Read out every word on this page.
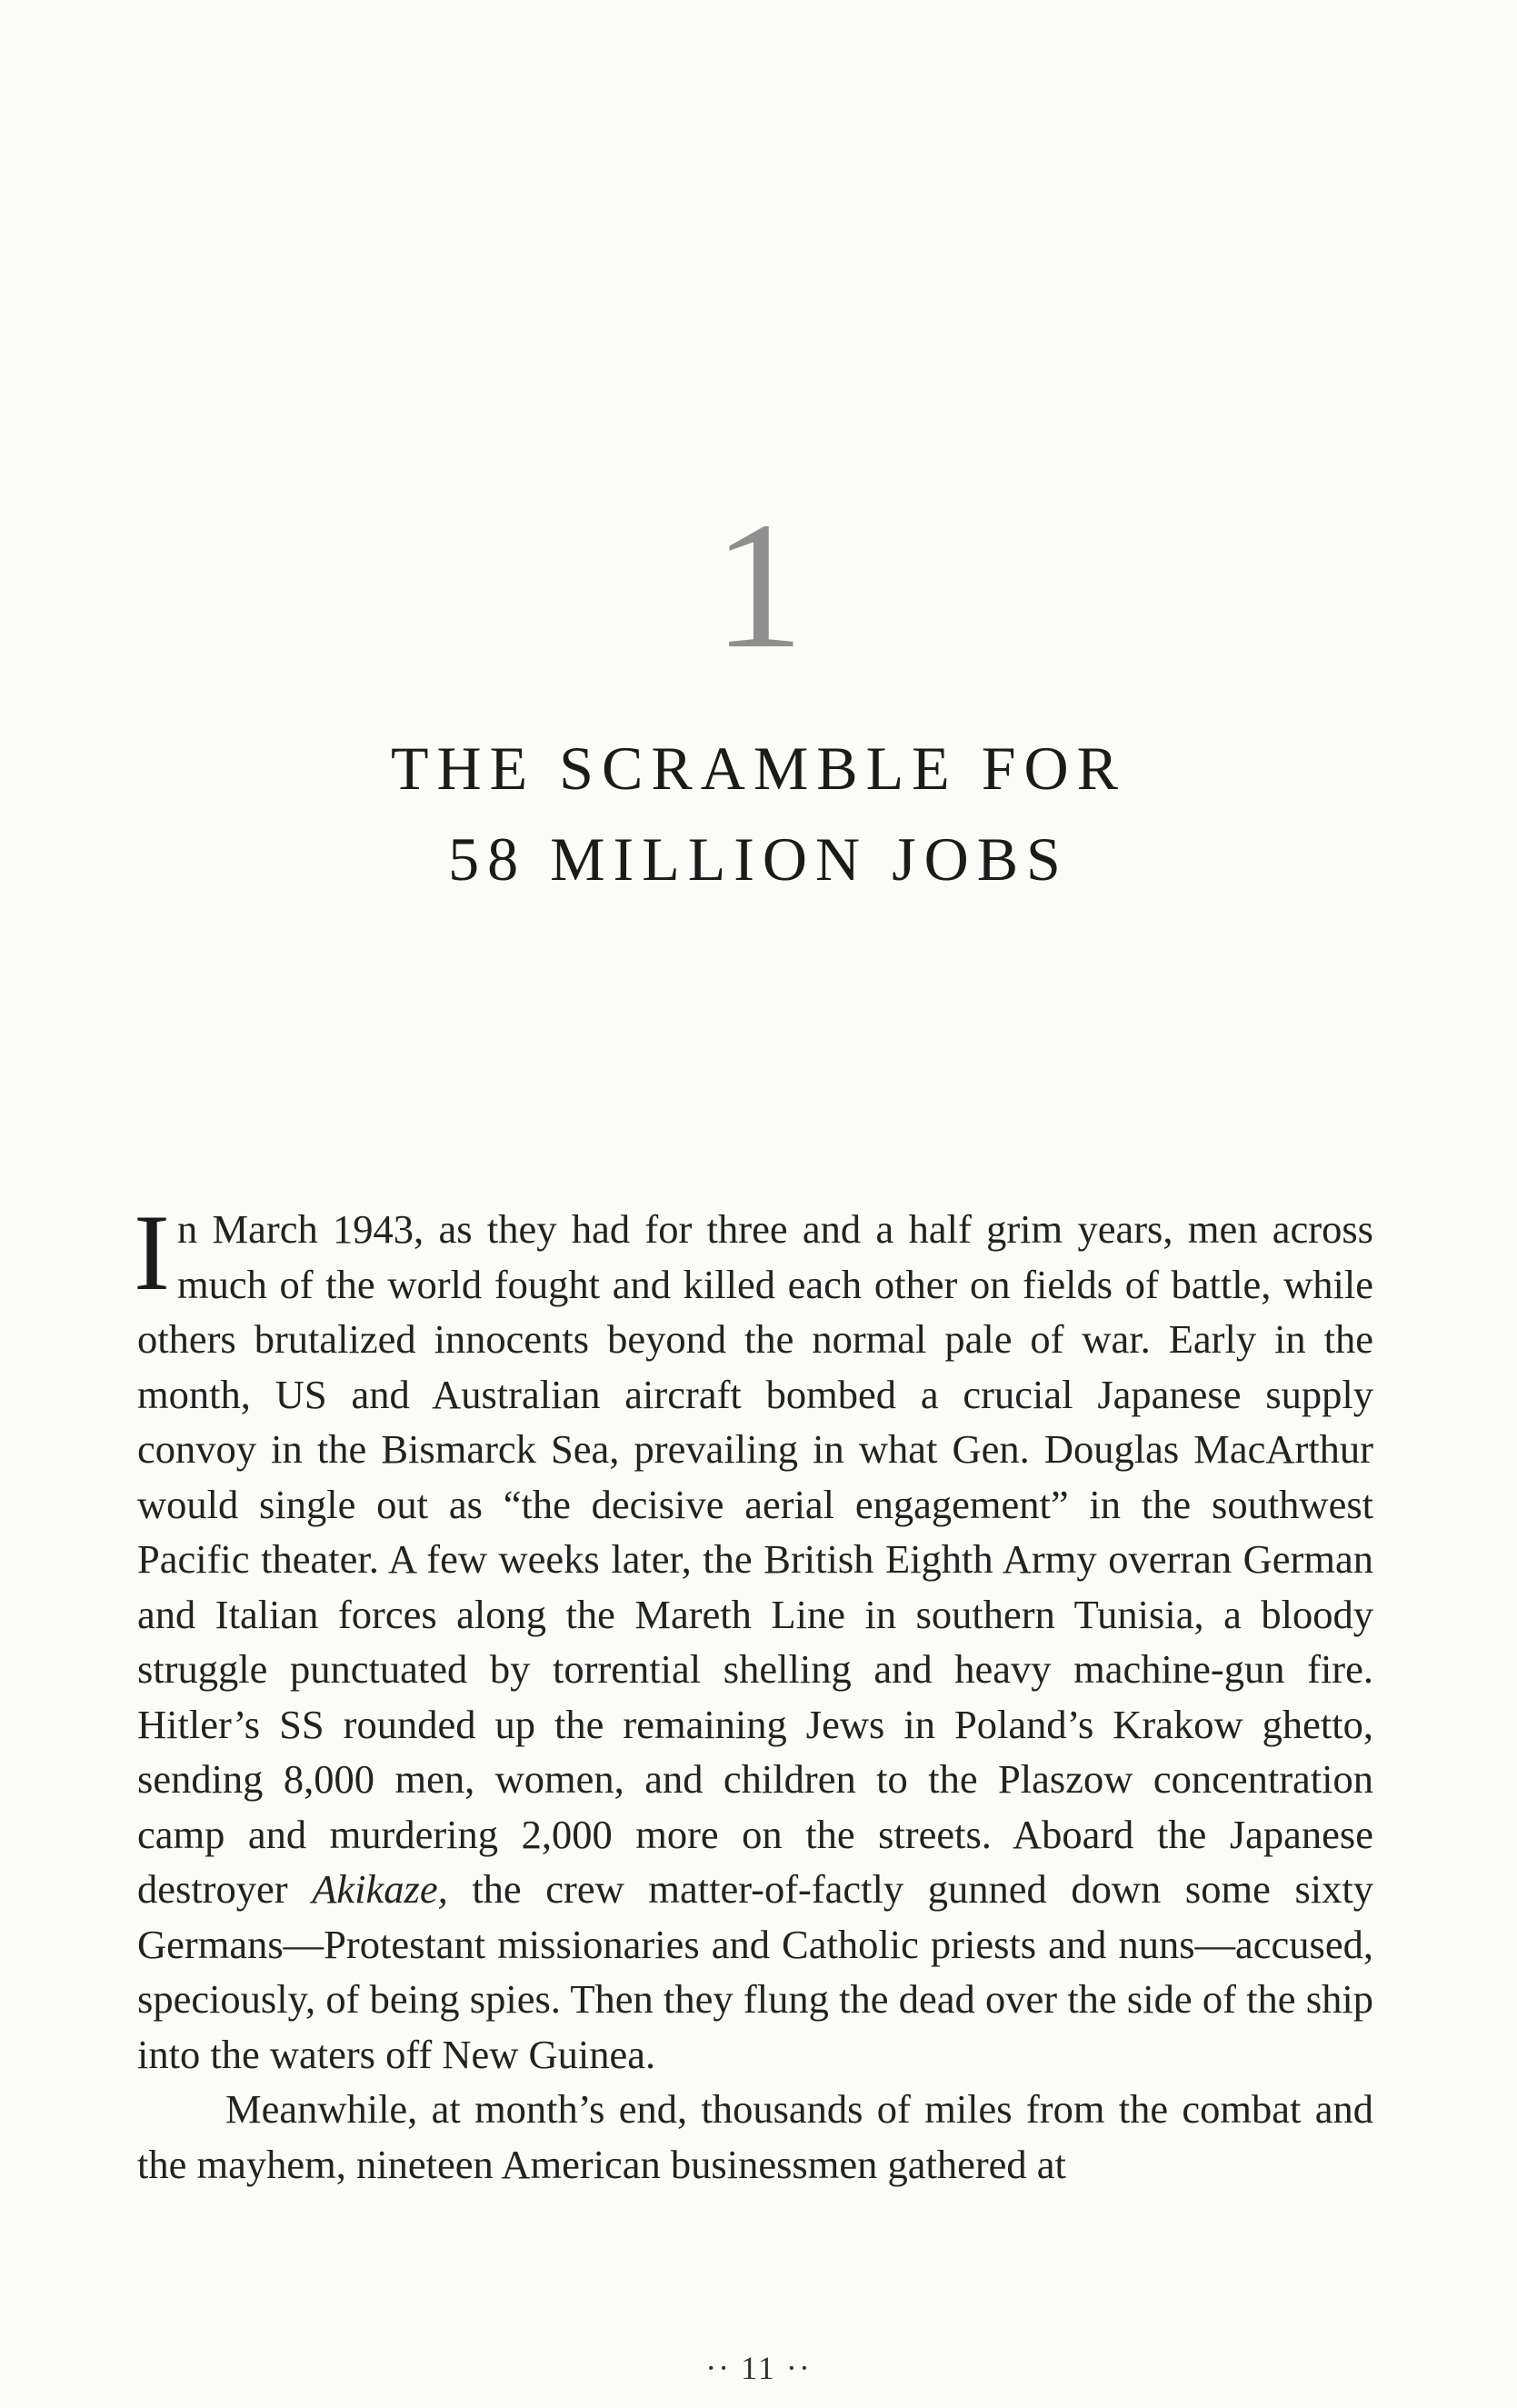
1
THE SCRAMBLE FOR
58 MILLION JOBS

In March 1943, as they had for three and a half grim years, men across much of the world fought and killed each other on fields of battle, while others brutalized innocents beyond the normal pale of war. Early in the month, US and Australian aircraft bombed a crucial Japanese supply convoy in the Bismarck Sea, prevailing in what Gen. Douglas MacArthur would single out as “the decisive aerial engagement” in the southwest Pacific theater. A few weeks later, the British Eighth Army overran German and Italian forces along the Mareth Line in southern Tunisia, a bloody struggle punctuated by torrential shelling and heavy machine-gun fire. Hitler’s SS rounded up the remaining Jews in Poland’s Krakow ghetto, sending 8,000 men, women, and children to the Plaszow concentration camp and murdering 2,000 more on the streets. Aboard the Japanese destroyer Akikaze, the crew matter-of-factly gunned down some sixty Germans—Protestant missionaries and Catholic priests and nuns—accused, speciously, of being spies. Then they flung the dead over the side of the ship into the waters off New Guinea.

Meanwhile, at month’s end, thousands of miles from the combat and the mayhem, nineteen American businessmen gathered at

·· 11 ··
